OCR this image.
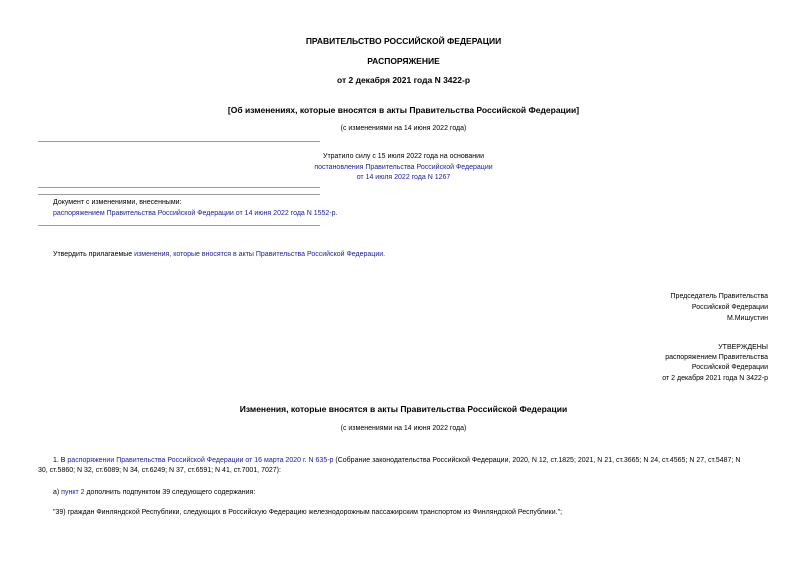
ПРАВИТЕЛЬСТВО РОССИЙСКОЙ ФЕДЕРАЦИИ
РАСПОРЯЖЕНИЕ
от 2 декабря 2021 года N 3422-р
[Об изменениях, которые вносятся в акты Правительства Российской Федерации]
(с изменениями на 14 июня 2022 года)
Утратило силу с 15 июля 2022 года на основании
постановления Правительства Российской Федерации
от 14 июля 2022 года N 1267
Документ с изменениями, внесенными:
распоряжением Правительства Российской Федерации от 14 июня 2022 года N 1552-р.
Утвердить прилагаемые изменения, которые вносятся в акты Правительства Российской Федерации.
Председатель Правительства
Российской Федерации
М.Мишустин
УТВЕРЖДЕНЫ
распоряжением Правительства
Российской Федерации
от 2 декабря 2021 года N 3422-р
Изменения, которые вносятся в акты Правительства Российской Федерации
(с изменениями на 14 июня 2022 года)
1. В распоряжении Правительства Российской Федерации от 16 марта 2020 г. N 635-р (Собрание законодательства Российской Федерации, 2020, N 12, ст.1825; 2021, N 21, ст.3665; N 24, ст.4565; N 27, ст.5487; N
30, ст.5860; N 32, ст.6089; N 34, ст.6249; N 37, ст.6591; N 41, ст.7001, 7027):
а) пункт 2 дополнить подпунктом 39 следующего содержания:
"39) граждан Финляндской Республики, следующих в Российскую Федерацию железнодорожным пассажирским транспортом из Финляндской Республики.";
